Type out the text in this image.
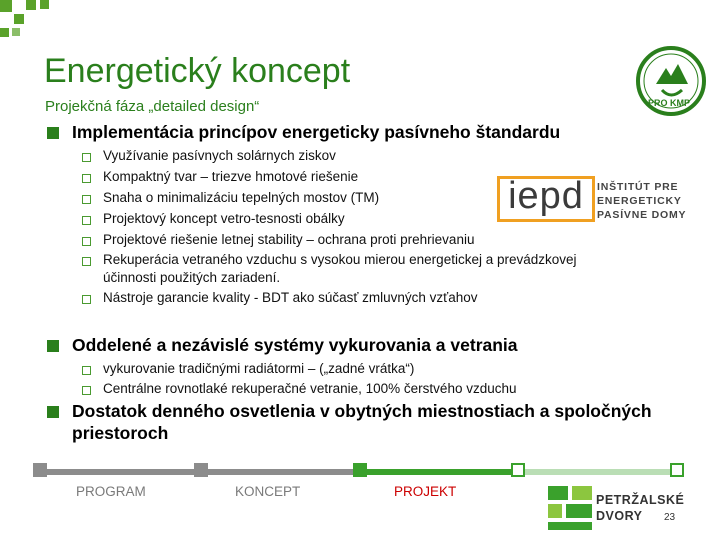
Energetický koncept
Projekčná fáza „detailed design“	PRO KMP
Implementácia princípov energeticky pasívneho štandardu
Využívanie pasívnych solárnych ziskov
Kompaktný tvar – triezve hmotové riešenie
Snaha o minimalizáciu tepelných mostov (TM)
Projektový koncept vetro-tesnosti obálky
Projektové riešenie letnej stability – ochrana proti prehrievaniu
Rekuperácia vetraného vzduchu s vysokou mierou energetickej a prevádzkovej
účinnosti použitých zariadení.
Nástroje garancie kvality - BDT ako súčasť zmluvných vzťahov
iepd	INŠTITÚT PRE
ENERGETICKY
PASÍVNE DOMY
Oddelené a nezávislé systémy vykurovania a vetrania
vykurovanie tradičnými radiátormi – („zadné vrátka“)
Centrálne rovnotlaké rekuperačné vetranie, 100% čerstvého vzduchu
Dostatok denného osvetlenia v obytných miestnostiach a spoločných
priestoroch
PROGRAM	KONCEPT	PROJEKT
PETRŽALSKÉ
DVORY	23
